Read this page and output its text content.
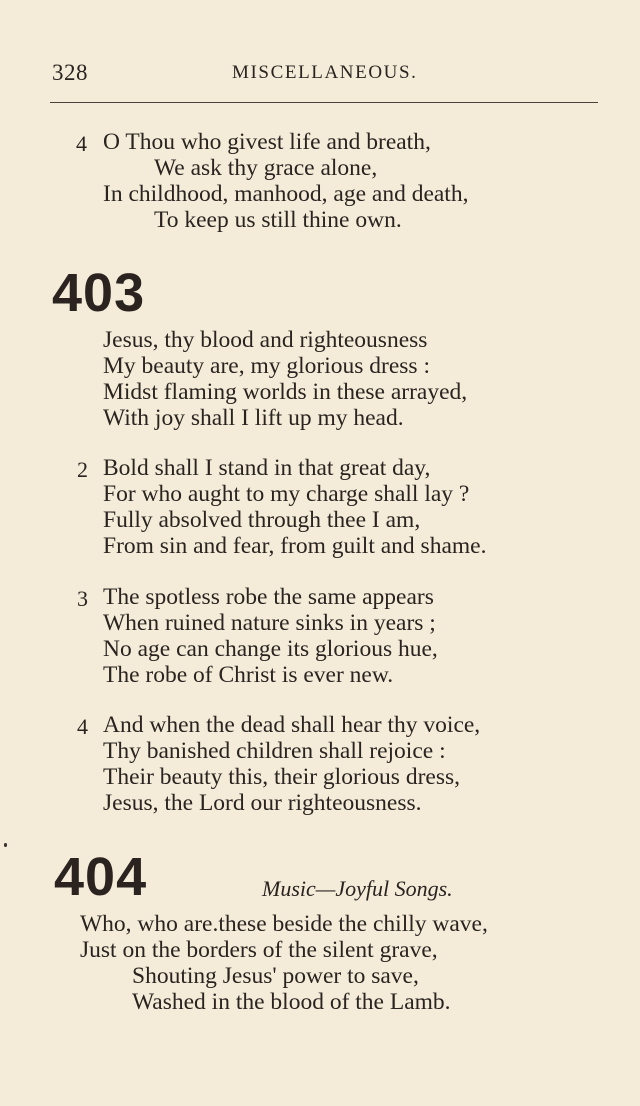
328	MISCELLANEOUS.
4 O Thou who givest life and breath,
We ask thy grace alone,
In childhood, manhood, age and death,
To keep us still thine own.
403
Jesus, thy blood and righteousness
My beauty are, my glorious dress :
Midst flaming worlds in these arrayed,
With joy shall I lift up my head.
2 Bold shall I stand in that great day,
For who aught to my charge shall lay ?
Fully absolved through thee I am,
From sin and fear, from guilt and shame.
3 The spotless robe the same appears
When ruined nature sinks in years ;
No age can change its glorious hue,
The robe of Christ is ever new.
4 And when the dead shall hear thy voice,
Thy banished children shall rejoice :
Their beauty this, their glorious dress,
Jesus, the Lord our righteousness.
404	Music—Joyful Songs.
Who, who are.these beside the chilly wave,
Just on the borders of the silent grave,
Shouting Jesus' power to save,
Washed in the blood of the Lamb.
